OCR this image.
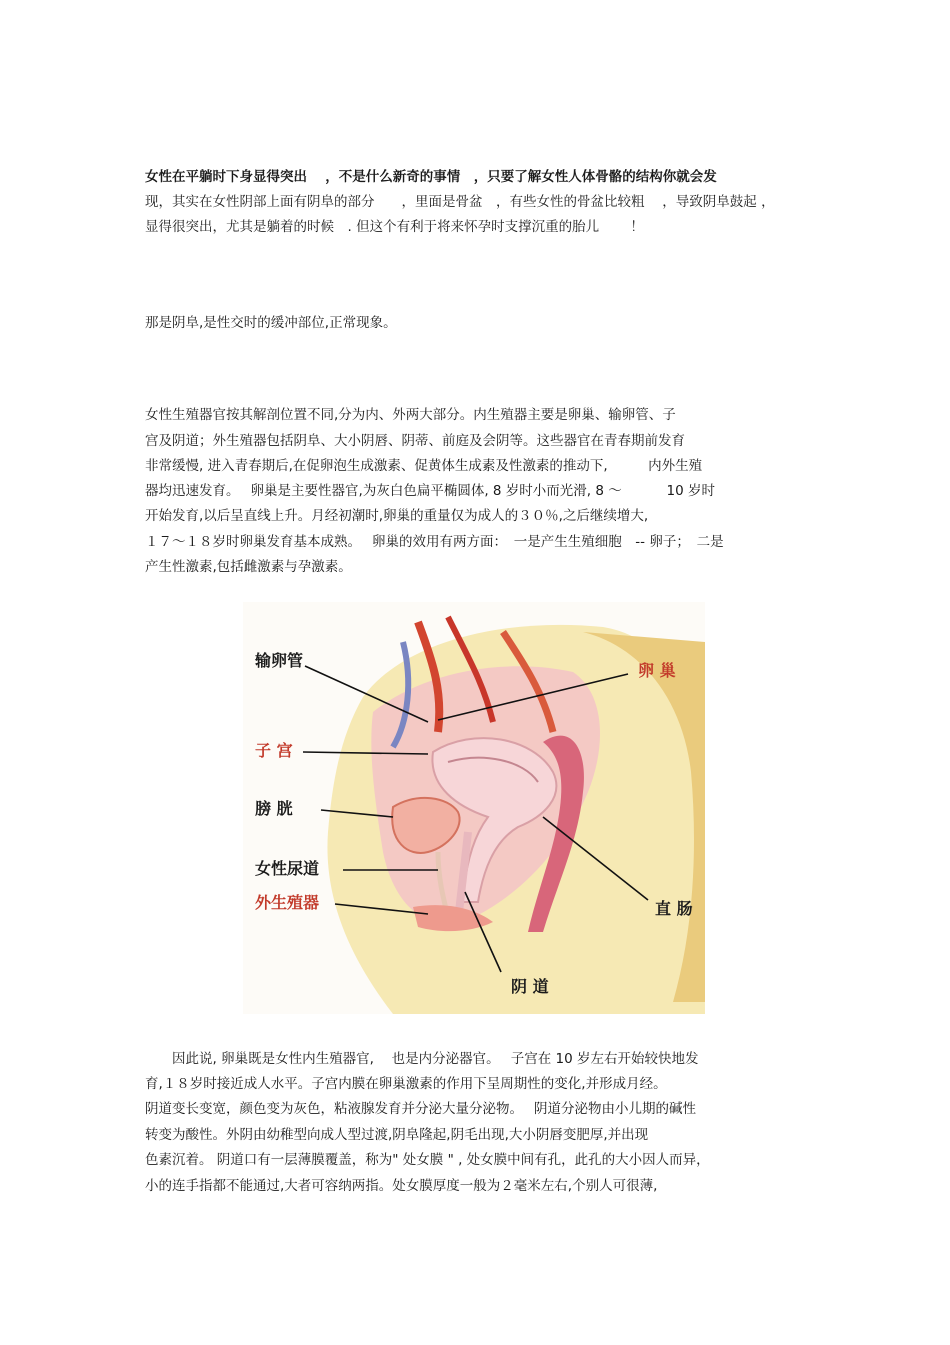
女性在平躺时下身显得突出　 ，不是什么新奇的事情　，只要了解女性人体骨骼的结构你就会发
现，其实在女性阴部上面有阴阜的部分　　，里面是骨盆　，有些女性的骨盆比较粗　 ，导致阴阜鼓起 ，
显得很突出，尤其是躺着的时候　. 但这个有利于将来怀孕时支撑沉重的胎儿　　 ！
那是阴阜,是性交时的缓冲部位,正常现象。
女性生殖器官按其解剖位置不同,分为内、外两大部分。内生殖器主要是卵巢、输卵管、子
宫及阴道；外生殖器包括阴阜、大小阴唇、阴蒂、前庭及会阴等。这些器官在青春期前发育
非常缓慢, 进入青春期后,在促卵泡生成激素、促黄体生成素及性激素的推动下,　　　内外生殖
器均迅速发育。　 卵巢是主要性器官,为灰白色扁平椭圆体, 8 岁时小而光滑, 8 ～　　　 10 岁时
开始发育,以后呈直线上升。月经初潮时,卵巢的重量仅为成人的３０％,之后继续增大,
１７～１８岁时卵巢发育基本成熟。　 卵巢的效用有两方面：　一是产生生殖细胞　-- 卵子；　二是
产生性激素,包括雌激素与孕激素。
输卵管
卵 巢
子 宫
膀 胱
女性尿道
外生殖器	直 肠
阴 道
　　因此说, 卵巢既是女性内生殖器官,　 也是内分泌器官。　 子宫在 10 岁左右开始较快地发
育,１８岁时接近成人水平。子宫内膜在卵巢激素的作用下呈周期性的变化,并形成月经。
阴道变长变宽，颜色变为灰色，粘液腺发育并分泌大量分泌物。　 阴道分泌物由小儿期的碱性
转变为酸性。外阴由幼稚型向成人型过渡,阴阜隆起,阴毛出现,大小阴唇变肥厚,并出现
色素沉着。 阴道口有一层薄膜覆盖，称为" 处女膜 " , 处女膜中间有孔，此孔的大小因人而异，
小的连手指都不能通过,大者可容纳两指。处女膜厚度一般为２毫米左右,个别人可很薄,
